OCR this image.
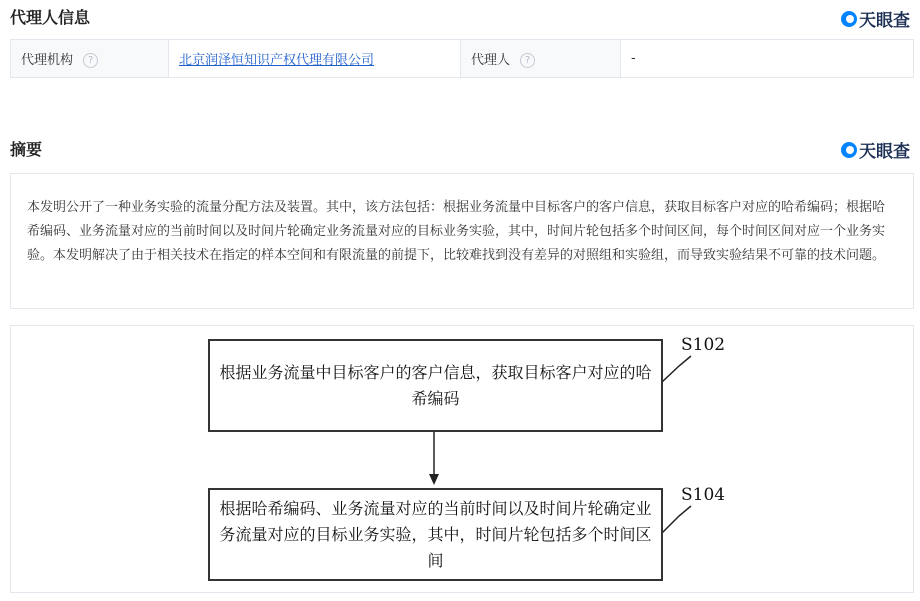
代理人信息	天眼查
代理机构 ?	北京润泽恒知识产权代理有限公司	代理人 ?	-
摘要	天眼查
本发明公开了一种业务实验的流量分配方法及装置。其中，该方法包括：根据业务流量中目标客户的客户信息，获取目标客户对应的哈希编码；根据哈希编码、业务流量对应的当前时间以及时间片轮确定业务流量对应的目标业务实验，其中，时间片轮包括多个时间区间，每个时间区间对应一个业务实验。本发明解决了由于相关技术在指定的样本空间和有限流量的前提下，比较难找到没有差异的对照组和实验组，而导致实验结果不可靠的技术问题。
S102
根据业务流量中目标客户的客户信息，获取目标客户对应的哈希编码
S104
根据哈希编码、业务流量对应的当前时间以及时间片轮确定业务流量对应的目标业务实验，其中，时间片轮包括多个时间区间
